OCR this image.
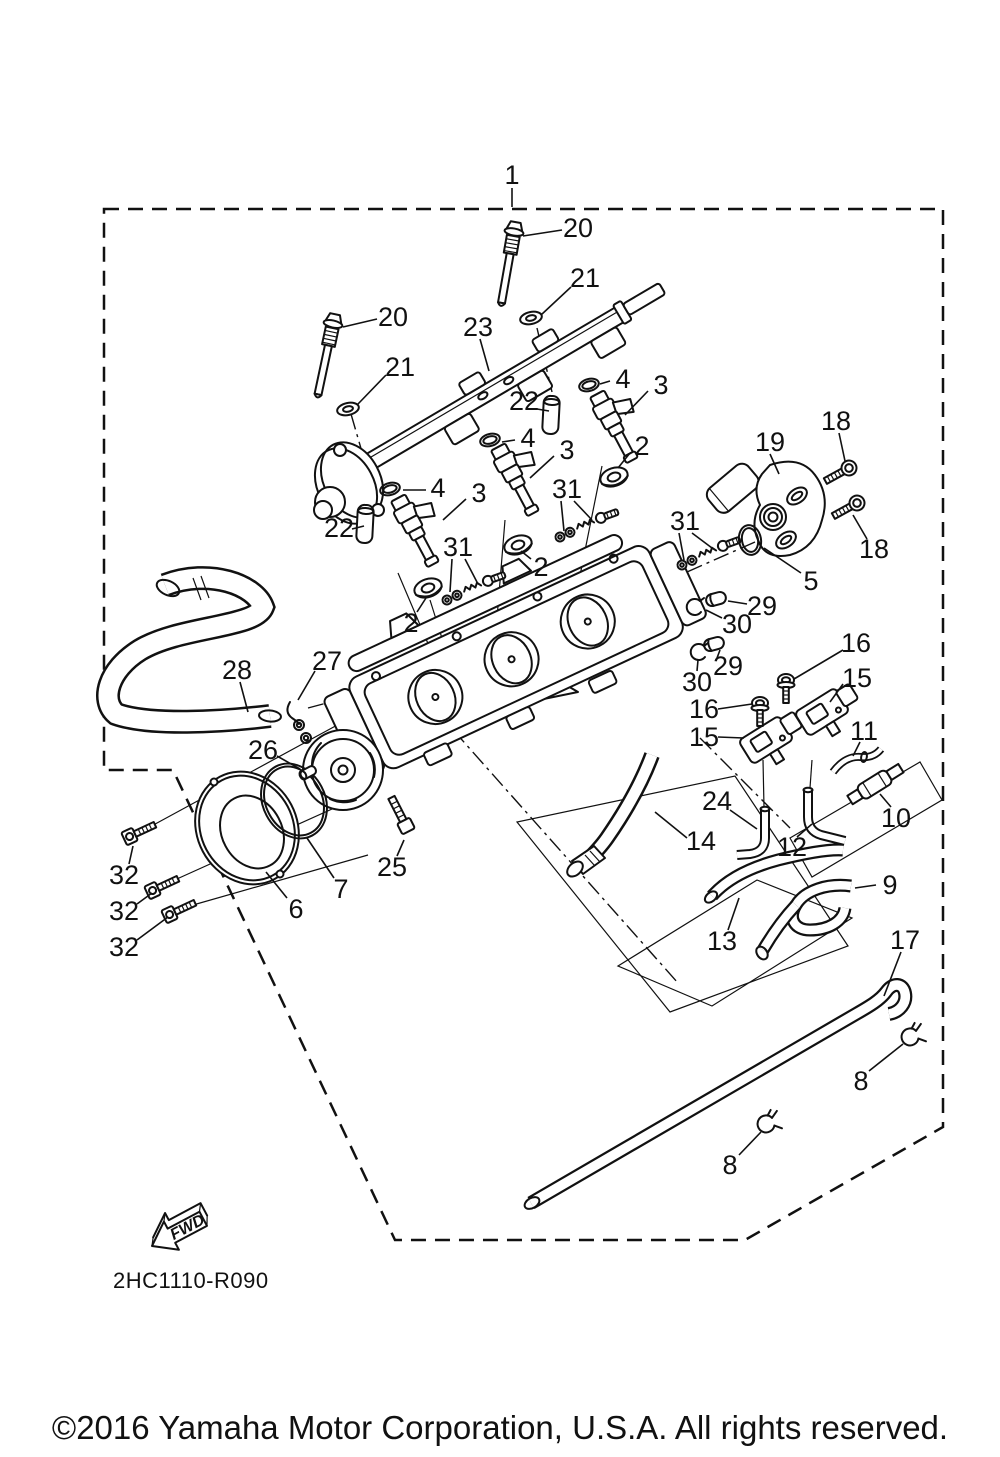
FWD
1
20
21
20 23
21	4 3
22
19
18
2
4 3
31
31
4 3
22
2
31
5
18
2
29
30
28 27	29
30
16
15
16
11
15
26
24
10
14 12
25
7	9
6
32
32
13
32	17
8
8
2HC1110-R090
©2016 Yamaha Motor Corporation, U.S.A. All rights reserved.
